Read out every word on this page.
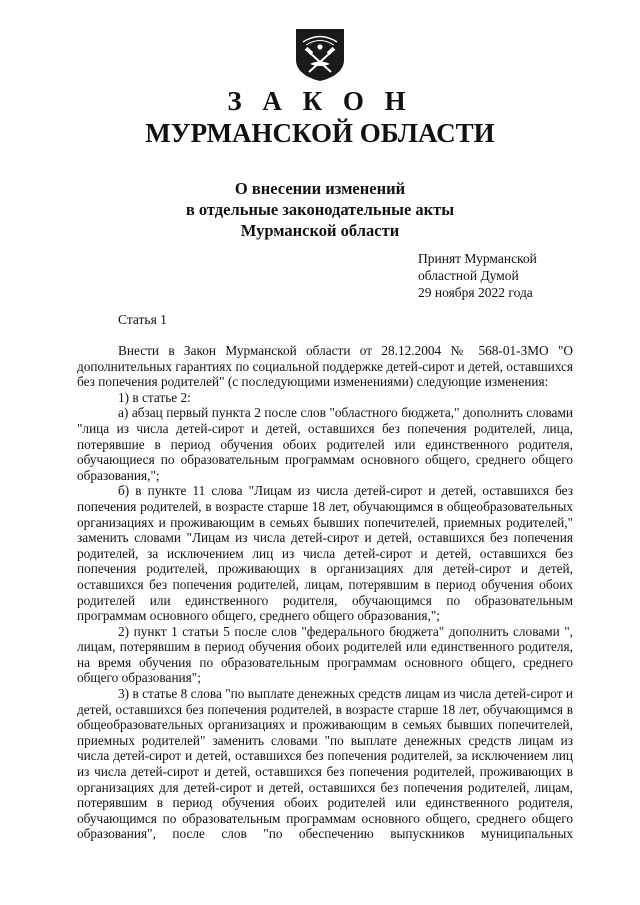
З А К О Н
МУРМАНСКОЙ ОБЛАСТИ
О внесении изменений
в отдельные законодательные акты
Мурманской области
Принят Мурманской
областной Думой
29 ноября 2022 года
Статья 1

Внести в Закон Мурманской области от 28.12.2004 № 568-01-ЗМО "О дополнительных гарантиях по социальной поддержке детей-сирот и детей, оставшихся без попечения родителей" (с последующими изменениями) следующие изменения:

1) в статье 2:

а) абзац первый пункта 2 после слов "областного бюджета," дополнить словами "лица из числа детей-сирот и детей, оставшихся без попечения родителей, лица, потерявшие в период обучения обоих родителей или единственного родителя, обучающиеся по образовательным программам основного общего, среднего общего образования,";

б) в пункте 11 слова "Лицам из числа детей-сирот и детей, оставшихся без попечения родителей, в возрасте старше 18 лет, обучающимся в общеобразовательных организациях и проживающим в семьях бывших попечителей, приемных родителей," заменить словами "Лицам из числа детей-сирот и детей, оставшихся без попечения родителей, за исключением лиц из числа детей-сирот и детей, оставшихся без попечения родителей, проживающих в организациях для детей-сирот и детей, оставшихся без попечения родителей, лицам, потерявшим в период обучения обоих родителей или единственного родителя, обучающимся по образовательным программам основного общего, среднего общего образования,";

2) пункт 1 статьи 5 после слов "федерального бюджета" дополнить словами ", лицам, потерявшим в период обучения обоих родителей или единственного родителя, на время обучения по образовательным программам основного общего, среднего общего образования";

3) в статье 8 слова "по выплате денежных средств лицам из числа детей-сирот и детей, оставшихся без попечения родителей, в возрасте старше 18 лет, обучающимся в общеобразовательных организациях и проживающим в семьях бывших попечителей, приемных родителей" заменить словами "по выплате денежных средств лицам из числа детей-сирот и детей, оставшихся без попечения родителей, за исключением лиц из числа детей-сирот и детей, оставшихся без попечения родителей, проживающих в организациях для детей-сирот и детей, оставшихся без попечения родителей, лицам, потерявшим в период обучения обоих родителей или единственного родителя, обучающимся по образовательным программам основного общего, среднего общего образования", после слов "по обеспечению выпускников муниципальных
